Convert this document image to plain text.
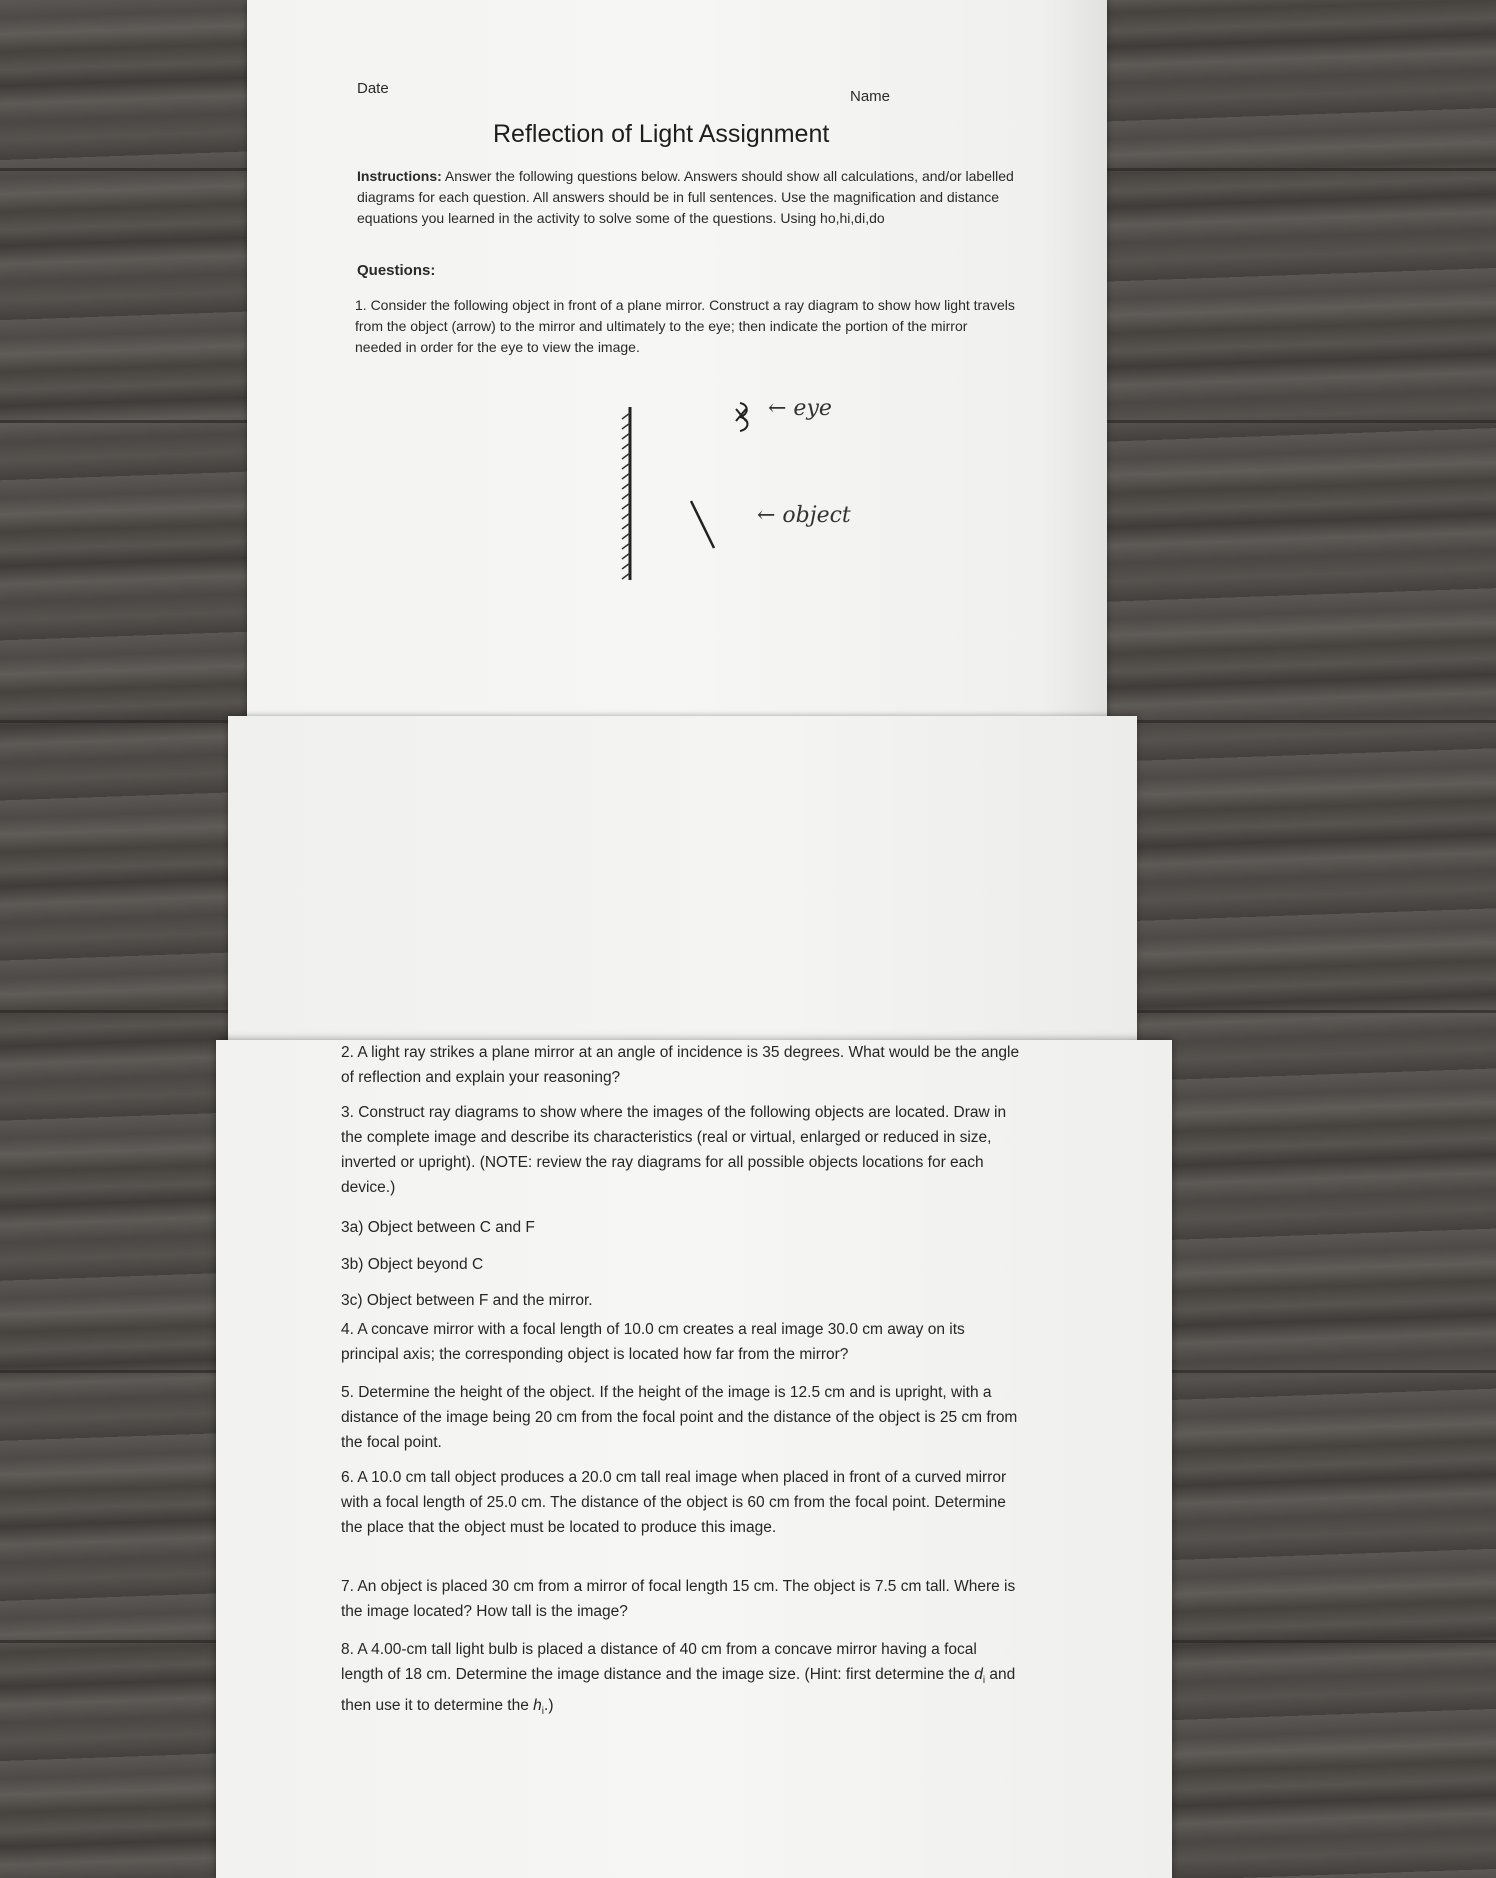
Date	Name

Reflection of Light Assignment

Instructions: Answer the following questions below. Answers should show all calculations, and/or labelled diagrams for each question. All answers should be in full sentences. Use the magnification and distance equations you learned in the activity to solve some of the questions. Using ho,hi,di,do

Questions:

1. Consider the following object in front of a plane mirror. Construct a ray diagram to show how light travels from the object (arrow) to the mirror and ultimately to the eye; then indicate the portion of the mirror needed in order for the eye to view the image.

← eye
← object

2. A light ray strikes a plane mirror at an angle of incidence is 35 degrees. What would be the angle of reflection and explain your reasoning?

3. Construct ray diagrams to show where the images of the following objects are located. Draw in the complete image and describe its characteristics (real or virtual, enlarged or reduced in size, inverted or upright). (NOTE: review the ray diagrams for all possible objects locations for each device.)

3a) Object between C and F

3b) Object beyond C

3c) Object between F and the mirror.

4. A concave mirror with a focal length of 10.0 cm creates a real image 30.0 cm away on its principal axis; the corresponding object is located how far from the mirror?

5. Determine the height of the object. If the height of the image is 12.5 cm and is upright, with a distance of the image being 20 cm from the focal point and the distance of the object is 25 cm from the focal point.

6. A 10.0 cm tall object produces a 20.0 cm tall real image when placed in front of a curved mirror with a focal length of 25.0 cm. The distance of the object is 60 cm from the focal point. Determine the place that the object must be located to produce this image.

7. An object is placed 30 cm from a mirror of focal length 15 cm. The object is 7.5 cm tall. Where is the image located? How tall is the image?

8. A 4.00-cm tall light bulb is placed a distance of 40 cm from a concave mirror having a focal length of 18 cm. Determine the image distance and the image size. (Hint: first determine the $d_i$ and then use it to determine the $h_i$.)
